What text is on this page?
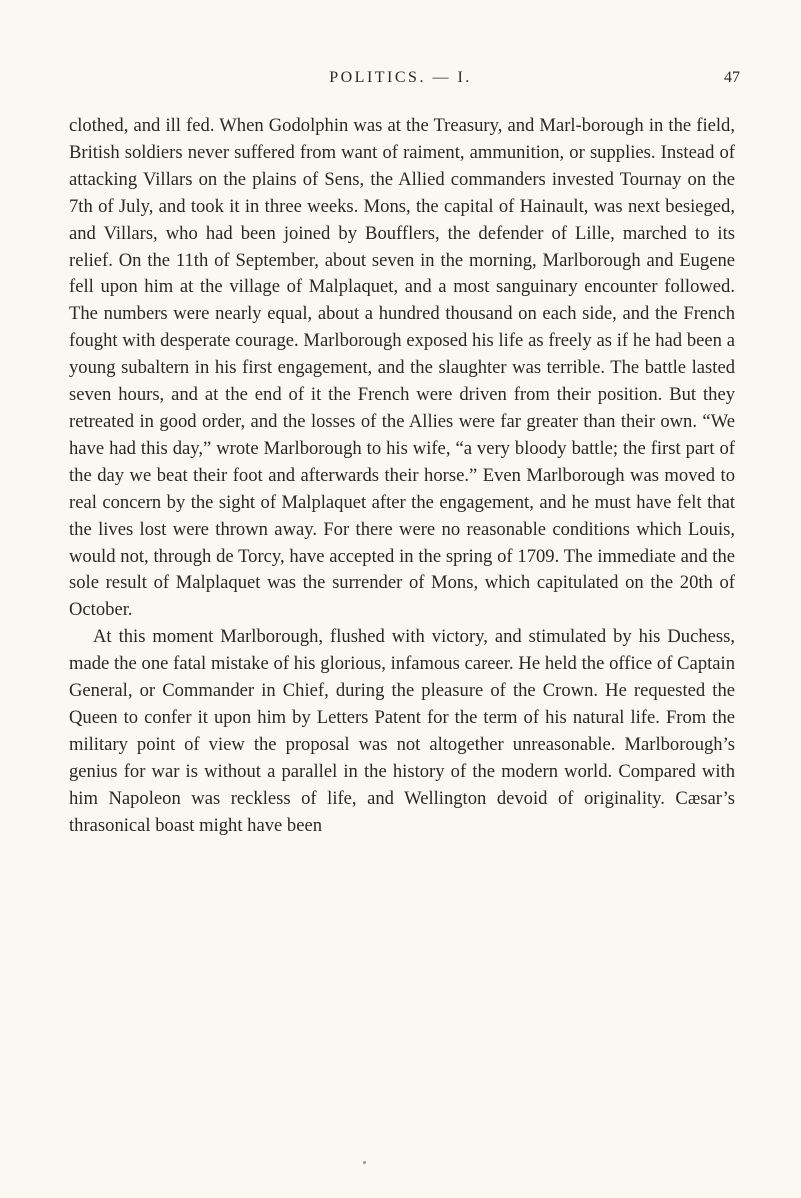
POLITICS. — I.	47

clothed, and ill fed. When Godolphin was at the Treasury, and Marl-borough in the field, British soldiers never suffered from want of raiment, ammunition, or supplies. Instead of attacking Villars on the plains of Sens, the Allied commanders invested Tournay on the 7th of July, and took it in three weeks. Mons, the capital of Hainault, was next besieged, and Villars, who had been joined by Boufflers, the defender of Lille, marched to its relief. On the 11th of September, about seven in the morning, Marlborough and Eugene fell upon him at the village of Malplaquet, and a most sanguinary encounter followed. The numbers were nearly equal, about a hundred thousand on each side, and the French fought with desperate courage. Marlborough exposed his life as freely as if he had been a young subaltern in his first engagement, and the slaughter was terrible. The battle lasted seven hours, and at the end of it the French were driven from their position. But they retreated in good order, and the losses of the Allies were far greater than their own. “We have had this day,” wrote Marlborough to his wife, “a very bloody battle; the first part of the day we beat their foot and afterwards their horse.” Even Marlborough was moved to real concern by the sight of Malplaquet after the engagement, and he must have felt that the lives lost were thrown away. For there were no reasonable conditions which Louis, would not, through de Torcy, have accepted in the spring of 1709. The immediate and the sole result of Malplaquet was the surrender of Mons, which capitulated on the 20th of October.

At this moment Marlborough, flushed with victory, and stimulated by his Duchess, made the one fatal mistake of his glorious, infamous career. He held the office of Captain General, or Commander in Chief, during the pleasure of the Crown. He requested the Queen to confer it upon him by Letters Patent for the term of his natural life. From the military point of view the proposal was not altogether unreasonable. Marlborough’s genius for war is without a parallel in the history of the modern world. Compared with him Napoleon was reckless of life, and Wellington devoid of originality. Cæsar’s thrasonical boast might have been
